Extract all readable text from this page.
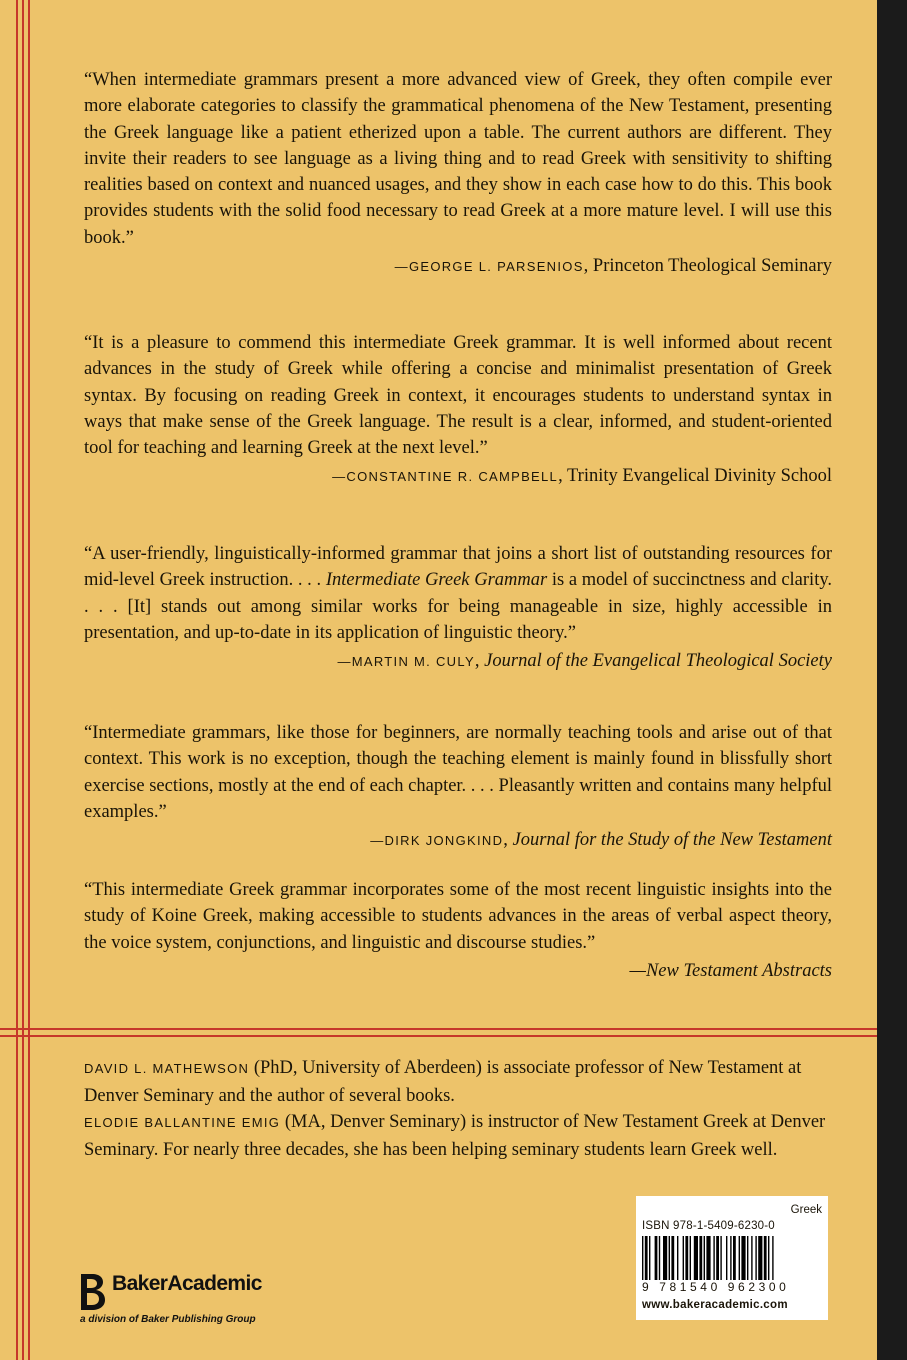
“When intermediate grammars present a more advanced view of Greek, they often compile ever more elaborate categories to classify the grammatical phenomena of the New Testament, presenting the Greek language like a patient etherized upon a table. The current authors are different. They invite their readers to see language as a living thing and to read Greek with sensitivity to shifting realities based on context and nuanced usages, and they show in each case how to do this. This book provides students with the solid food necessary to read Greek at a more mature level. I will use this book.”

—GEORGE L. PARSENIOS, Princeton Theological Seminary

“It is a pleasure to commend this intermediate Greek grammar. It is well informed about recent advances in the study of Greek while offering a concise and minimalist presentation of Greek syntax. By focusing on reading Greek in context, it encourages students to understand syntax in ways that make sense of the Greek language. The result is a clear, informed, and student-oriented tool for teaching and learning Greek at the next level.”

—CONSTANTINE R. CAMPBELL, Trinity Evangelical Divinity School

“A user-friendly, linguistically-informed grammar that joins a short list of outstanding resources for mid-level Greek instruction. . . . Intermediate Greek Grammar is a model of succinctness and clarity. . . . [It] stands out among similar works for being manageable in size, highly accessible in presentation, and up-to-date in its application of linguistic theory.”

—MARTIN M. CULY, Journal of the Evangelical Theological Society

“Intermediate grammars, like those for beginners, are normally teaching tools and arise out of that context. This work is no exception, though the teaching element is mainly found in blissfully short exercise sections, mostly at the end of each chapter. . . . Pleasantly written and contains many helpful examples.”

—DIRK JONGKIND, Journal for the Study of the New Testament

“This intermediate Greek grammar incorporates some of the most recent linguistic insights into the study of Koine Greek, making accessible to students advances in the areas of verbal aspect theory, the voice system, conjunctions, and linguistic and discourse studies.”

—New Testament Abstracts

DAVID L. MATHEWSON (PhD, University of Aberdeen) is associate professor of New Testament at Denver Seminary and the author of several books.

ELODIE BALLANTINE EMIG (MA, Denver Seminary) is instructor of New Testament Greek at Denver Seminary. For nearly three decades, she has been helping seminary students learn Greek well.

BakerAcademic
a division of Baker Publishing Group
Greek
ISBN 978-1-5409-6230-0
9 781540 962300
www.bakeracademic.com
